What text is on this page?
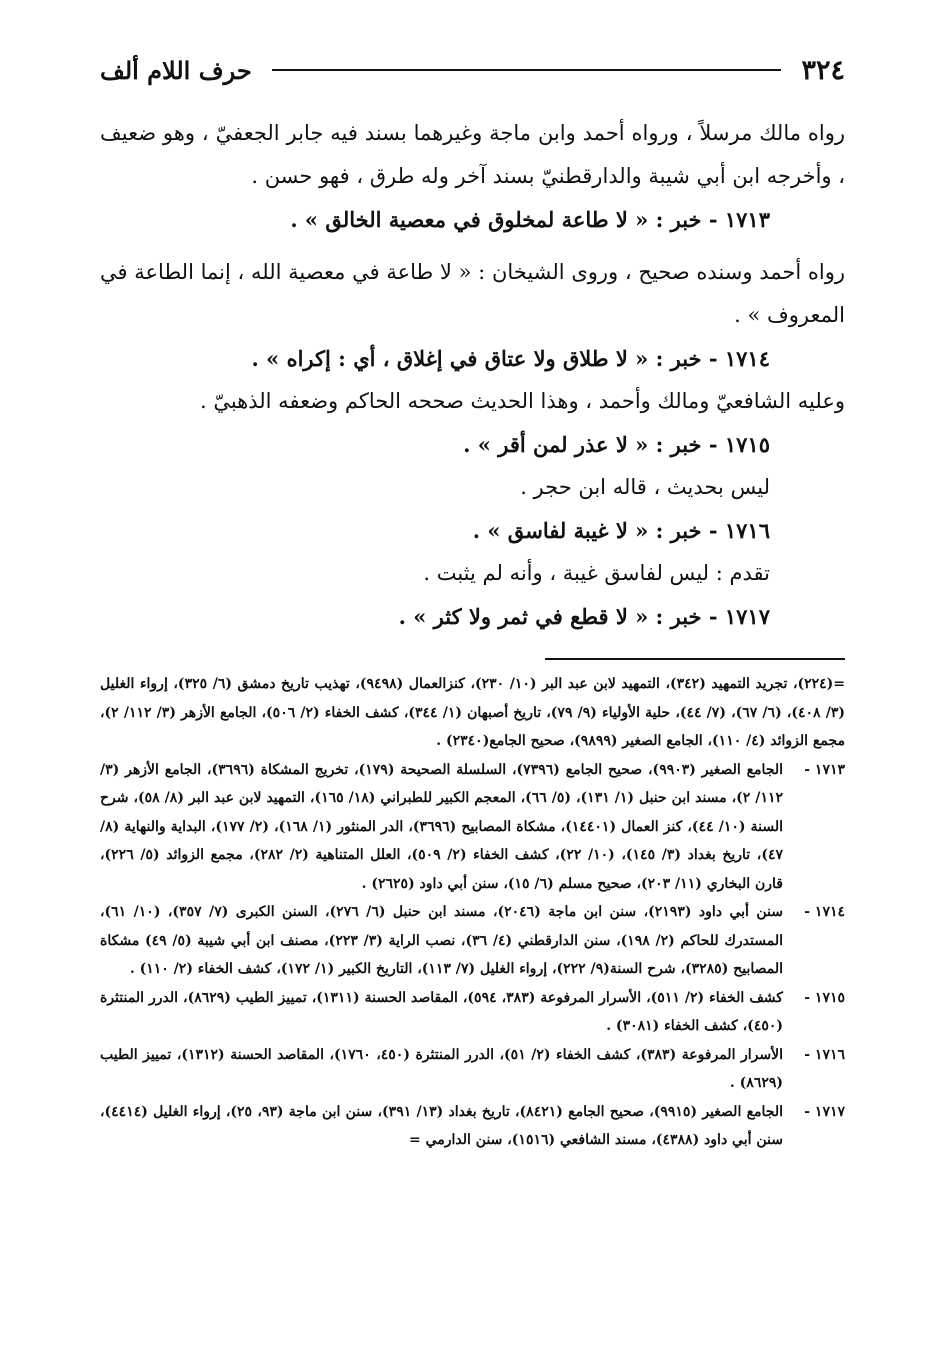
٣٢٤
حرف اللام ألف

رواه مالك مرسلاً ، ورواه أحمد وابن ماجة وغيرهما بسند فيه جابر الجعفيّ ، وهو ضعيف ، وأخرجه ابن أبي شيبة والدارقطنيّ بسند آخر وله طرق ، فهو حسن .

١٧١٣ - خبر : « لا طاعة لمخلوق في معصية الخالق » .

رواه أحمد وسنده صحيح ، وروى الشيخان : « لا طاعة في معصية الله ، إنما الطاعة في المعروف » .

١٧١٤ - خبر : « لا طلاق ولا عتاق في إغلاق ، أي : إكراه » .

وعليه الشافعيّ ومالك وأحمد ، وهذا الحديث صححه الحاكم وضعفه الذهبيّ .

١٧١٥ - خبر : « لا عذر لمن أقر » .

ليس بحديث ، قاله ابن حجر .

١٧١٦ - خبر : « لا غيبة لفاسق » .

تقدم : ليس لفاسق غيبة ، وأنه لم يثبت .

١٧١٧ - خبر : « لا قطع في ثمر ولا كثر » .

=(٢٢٤)، تجريد التمهيد (٣٤٢)، التمهيد لابن عبد البر (١٠/ ٢٣٠)، كنزالعمال (٩٤٩٨)، تهذيب تاريخ دمشق (٦/ ٣٢٥)، إرواء الغليل (٣/ ٤٠٨)، (٦/ ٦٧)، (٧/ ٤٤)، حلية الأولياء (٩/ ٧٩)، تاريخ أصبهان (١/ ٣٤٤)، كشف الخفاء (٢/ ٥٠٦)، الجامع الأزهر (٣/ ١١٢/ ٢)، مجمع الزوائد (٤/ ١١٠)، الجامع الصغير (٩٨٩٩)، صحيح الجامع(٢٣٤٠) .
١٧١٣ -
الجامع الصغير (٩٩٠٣)، صحيح الجامع (٧٣٩٦)، السلسلة الصحيحة (١٧٩)، تخريج المشكاة (٣٦٩٦)، الجامع الأزهر (٣/ ١١٢/ ٢)، مسند ابن حنبل (١/ ١٣١)، (٥/ ٦٦)، المعجم الكبير للطبراني (١٨/ ١٦٥)، التمهيد لابن عبد البر (٨/ ٥٨)، شرح السنة (١٠/ ٤٤)، كنز العمال (١٤٤٠١)، مشكاة المصابيح (٣٦٩٦)، الدر المنثور (١/ ١٦٨)، (٢/ ١٧٧)، البداية والنهاية (٨/ ٤٧)، تاريخ بغداد (٣/ ١٤٥)، (١٠/ ٢٢)، كشف الخفاء (٢/ ٥٠٩)، العلل المتناهية (٢/ ٢٨٢)، مجمع الزوائد (٥/ ٢٢٦)، قارن البخاري (١١/ ٢٠٣)، صحيح مسلم (٦/ ١٥)، سنن أبي داود (٢٦٢٥) .
١٧١٤ -
سنن أبي داود (٢١٩٣)، سنن ابن ماجة (٢٠٤٦)، مسند ابن حنبل (٦/ ٢٧٦)، السنن الكبرى (٧/ ٣٥٧)، (١٠/ ٦١)، المستدرك للحاكم (٢/ ١٩٨)، سنن الدارقطني (٤/ ٣٦)، نصب الراية (٣/ ٢٢٣)، مصنف ابن أبي شيبة (٥/ ٤٩) مشكاة المصابيح (٣٢٨٥)، شرح السنة(٩/ ٢٢٢)، إرواء الغليل (٧/ ١١٣)، التاريخ الكبير (١/ ١٧٢)، كشف الخفاء (٢/ ١١٠) .
١٧١٥ -
كشف الخفاء (٢/ ٥١١)، الأسرار المرفوعة (٣٨٣، ٥٩٤)، المقاصد الحسنة (١٣١١)، تمييز الطيب (٨٦٢٩)، الدرر المنتثرة (٤٥٠)، كشف الخفاء (٣٠٨١) .
١٧١٦ -
الأسرار المرفوعة (٣٨٣)، كشف الخفاء (٢/ ٥١)، الدرر المنتثرة (٤٥٠، ١٧٦٠)، المقاصد الحسنة (١٣١٢)، تمييز الطيب (٨٦٢٩) .
١٧١٧ -
الجامع الصغير (٩٩١٥)، صحيح الجامع (٨٤٢١)، تاريخ بغداد (١٣/ ٣٩١)، سنن ابن ماجة (٩٣، ٢٥)، إرواء الغليل (٤٤١٤)، سنن أبي داود (٤٣٨٨)، مسند الشافعي (١٥١٦)، سنن الدارمي =
